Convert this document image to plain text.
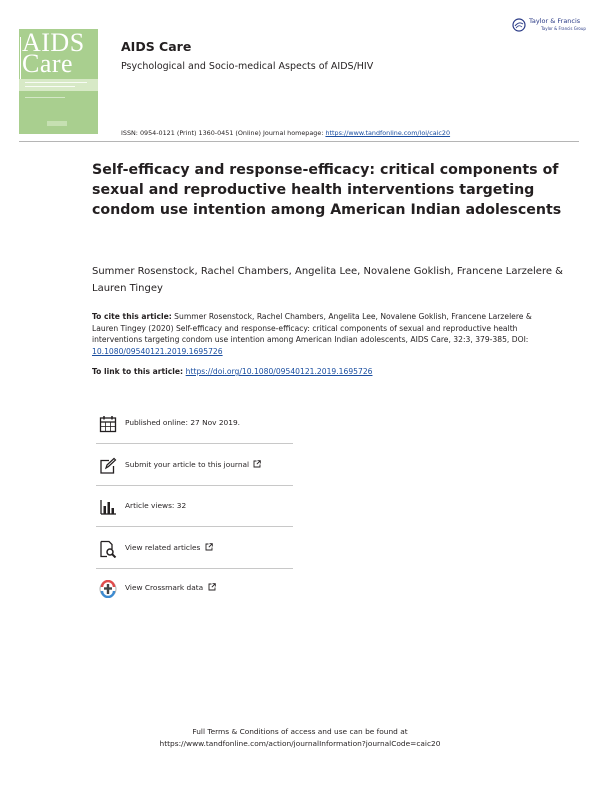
AIDS
Care
Taylor & Francis
Taylor & Francis Group
AIDS Care
Psychological and Socio-medical Aspects of AIDS/HIV
ISSN: 0954-0121 (Print) 1360-0451 (Online) Journal homepage: https://www.tandfonline.com/loi/caic20
Self-efficacy and response-efficacy: critical components of sexual and reproductive health interventions targeting condom use intention among American Indian adolescents
Summer Rosenstock, Rachel Chambers, Angelita Lee, Novalene Goklish, Francene Larzelere & Lauren Tingey
To cite this article: Summer Rosenstock, Rachel Chambers, Angelita Lee, Novalene Goklish, Francene Larzelere & Lauren Tingey (2020) Self-efficacy and response-efficacy: critical components of sexual and reproductive health interventions targeting condom use intention among American Indian adolescents, AIDS Care, 32:3, 379-385, DOI: 10.1080/09540121.2019.1695726
To link to this article: https://doi.org/10.1080/09540121.2019.1695726
Published online: 27 Nov 2019.
Submit your article to this journal
Article views: 32
View related articles
View Crossmark data
Full Terms & Conditions of access and use can be found at
https://www.tandfonline.com/action/journalInformation?journalCode=caic20
